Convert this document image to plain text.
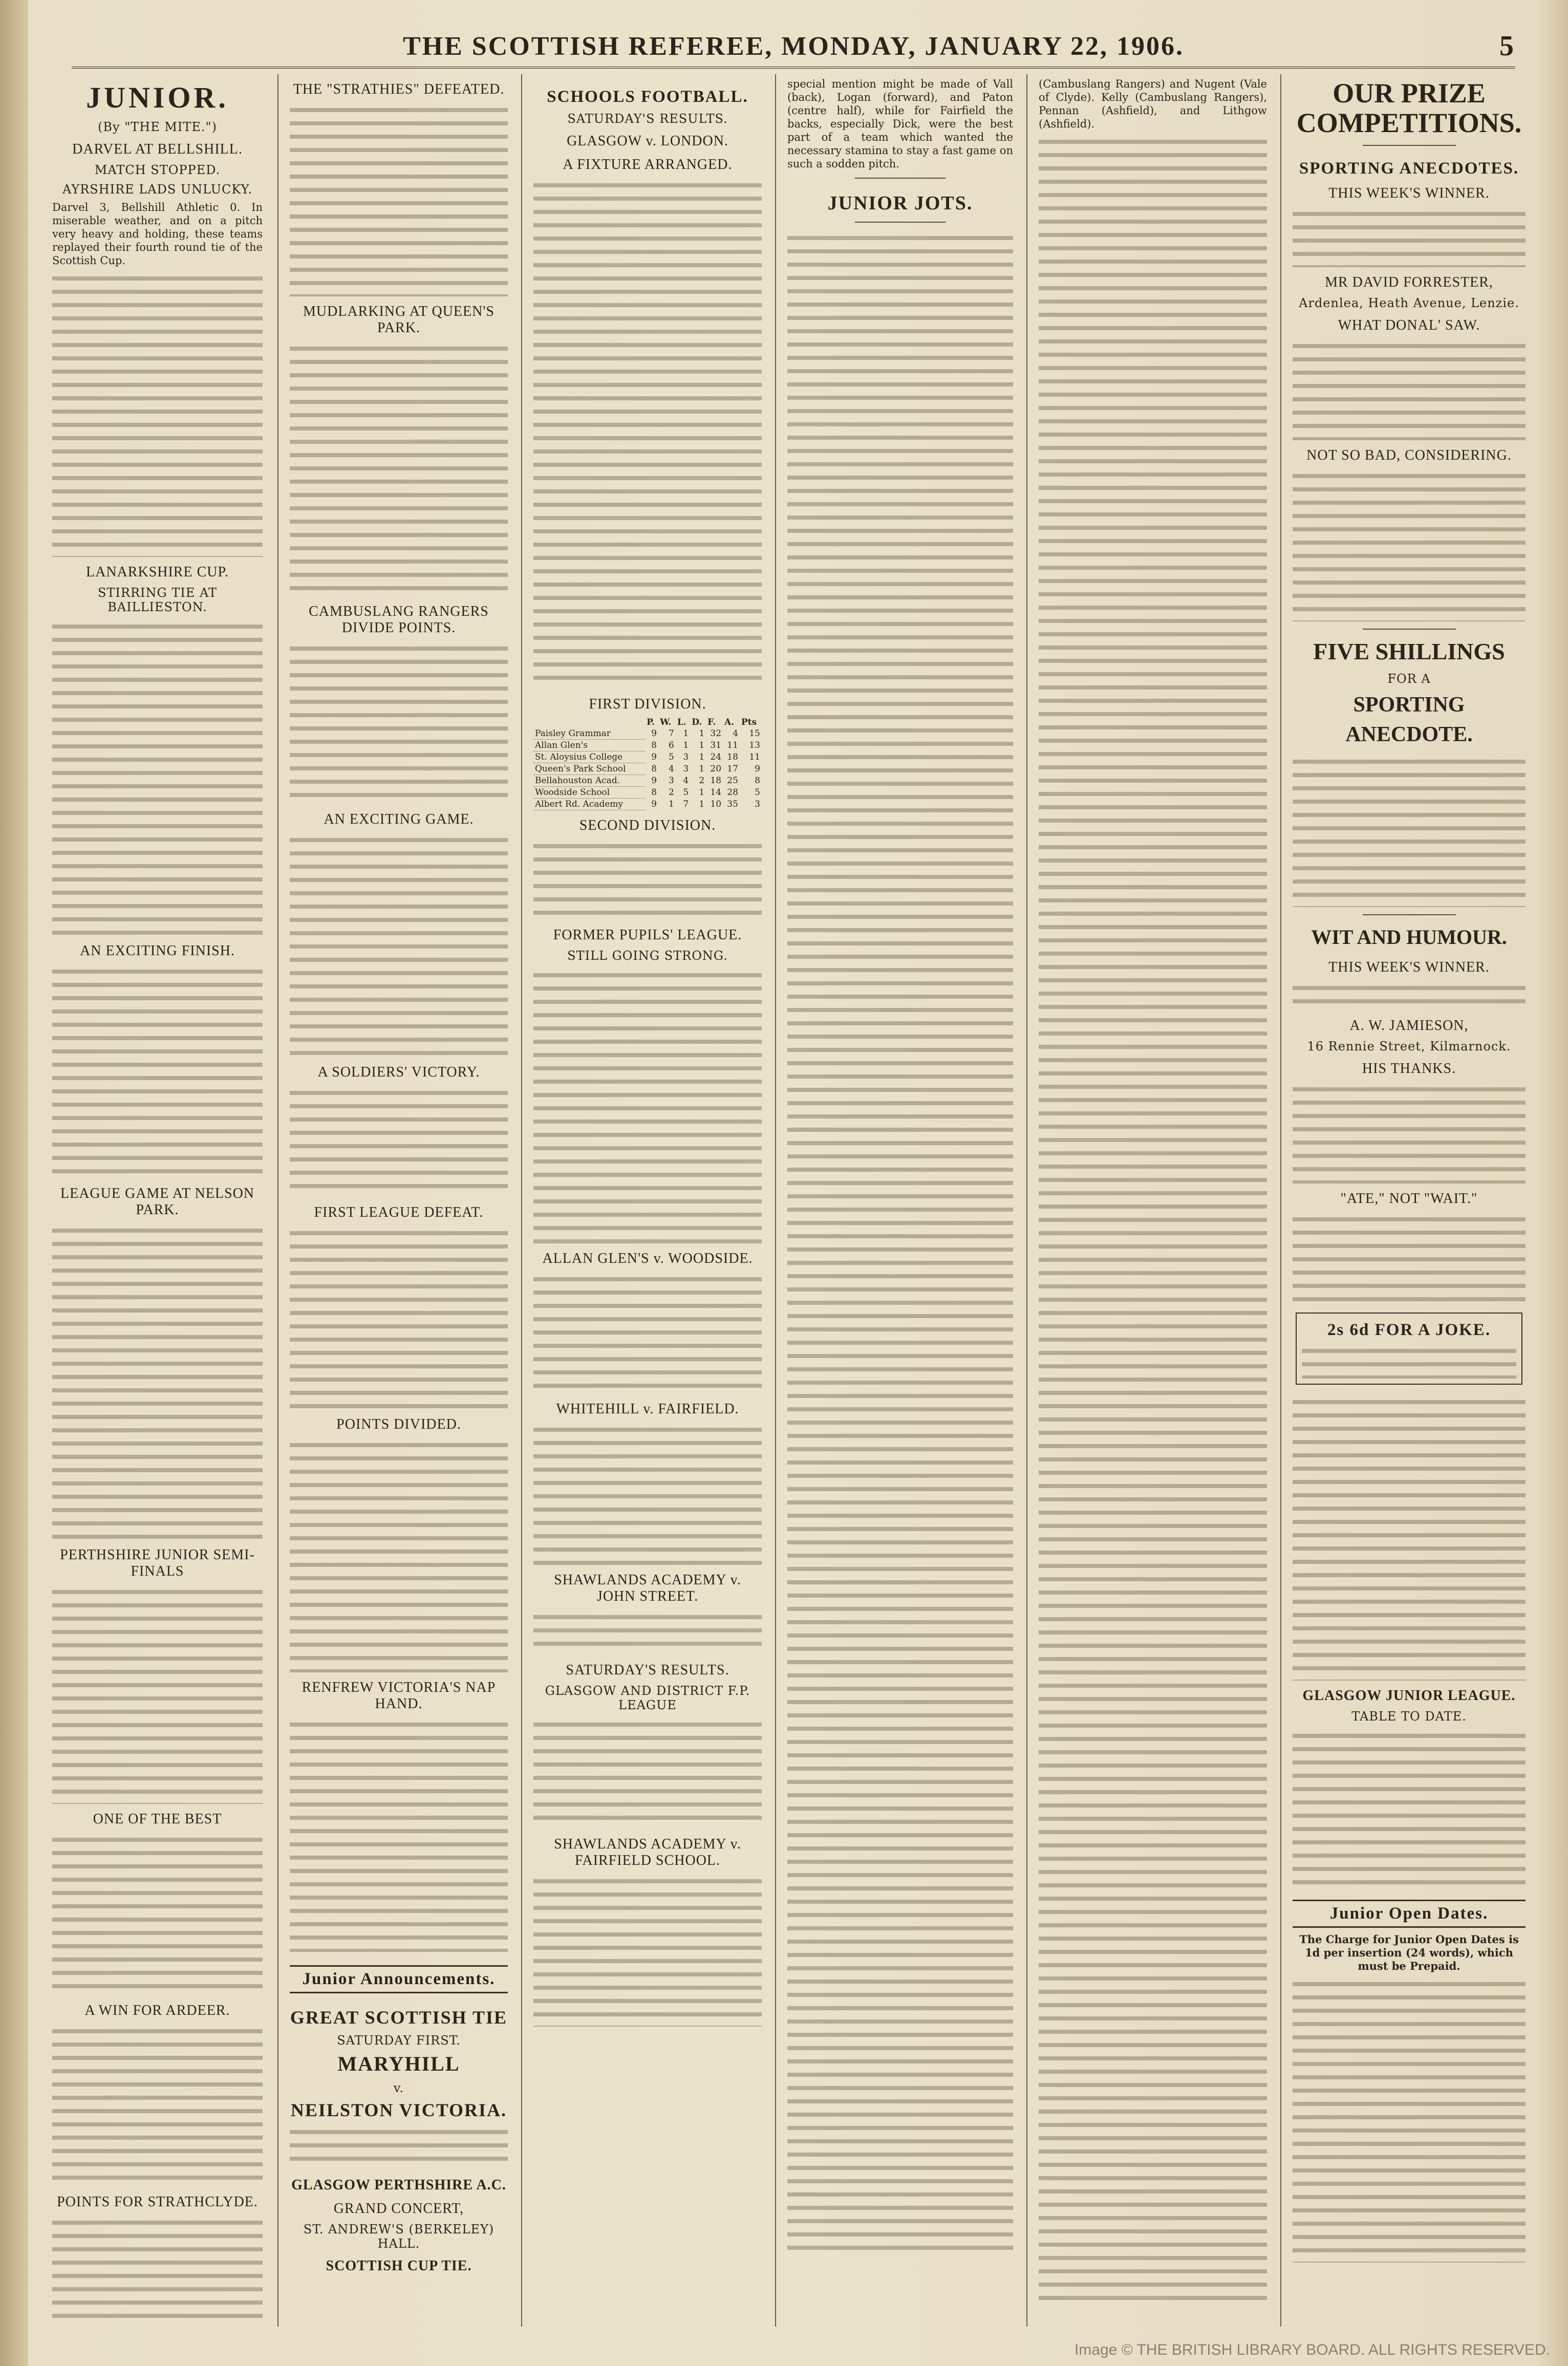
THE SCOTTISH REFEREE, MONDAY, JANUARY 22, 1906.	5
JUNIOR.
(By "THE MITE.")
DARVEL AT BELLSHILL.
MATCH STOPPED.
AYRSHIRE LADS UNLUCKY.
Darvel 3, Bellshill Athletic 0. In miserable weather, and on a pitch very heavy and holding, these teams replayed their fourth round tie of the Scottish Cup.
LANARKSHIRE CUP.
STIRRING TIE AT BAILLIESTON.
AN EXCITING FINISH.
LEAGUE GAME AT NELSON PARK.
PERTHSHIRE JUNIOR SEMI-FINALS
ONE OF THE BEST
A WIN FOR ARDEER.
POINTS FOR STRATHCLYDE.
THE "STRATHIES" DEFEATED.
MUDLARKING AT QUEEN'S PARK.
CAMBUSLANG RANGERS DIVIDE POINTS.
AN EXCITING GAME.
A SOLDIERS' VICTORY.
FIRST LEAGUE DEFEAT.
POINTS DIVIDED.
RENFREW VICTORIA'S NAP HAND.
Junior Announcements.
GREAT SCOTTISH TIE
SATURDAY FIRST.
MARYHILL
v.
NEILSTON VICTORIA.
GLASGOW PERTHSHIRE A.C.
GRAND CONCERT,
ST. ANDREW'S (BERKELEY) HALL.
SCOTTISH CUP TIE.
SCHOOLS FOOTBALL.
SATURDAY'S RESULTS.
GLASGOW v. LONDON.
A FIXTURE ARRANGED.
FIRST DIVISION.
	P.	W.	L.	D.	F.	A.	Pts
Paisley Grammar	9	7	1	1	32	4	15
Allan Glen's	8	6	1	1	31	11	13
St. Aloysius College	9	5	3	1	24	18	11
Queen's Park School	8	4	3	1	20	17	9
Bellahouston Acad.	9	3	4	2	18	25	8
Woodside School	8	2	5	1	14	28	5
Albert Rd. Academy	9	1	7	1	10	35	3
SECOND DIVISION.
FORMER PUPILS' LEAGUE.
STILL GOING STRONG.
ALLAN GLEN'S v. WOODSIDE.
WHITEHILL v. FAIRFIELD.
SHAWLANDS ACADEMY v. JOHN STREET.
SATURDAY'S RESULTS.
GLASGOW AND DISTRICT F.P. LEAGUE
SHAWLANDS ACADEMY v. FAIRFIELD SCHOOL.
special mention might be made of Vall (back), Logan (forward), and Paton (centre half), while for Fairfield the backs, especially Dick, were the best part of a team which wanted the necessary stamina to stay a fast game on such a sodden pitch.
JUNIOR JOTS.
(Cambuslang Rangers) and Nugent (Vale of Clyde). Kelly (Cambuslang Rangers), Pennan (Ashfield), and Lithgow (Ashfield).
OUR PRIZE COMPETITIONS.
SPORTING ANECDOTES.
THIS WEEK'S WINNER.
MR DAVID FORRESTER,
Ardenlea, Heath Avenue, Lenzie.
WHAT DONAL' SAW.
NOT SO BAD, CONSIDERING.
FIVE SHILLINGS
FOR A
SPORTING ANECDOTE.
WIT AND HUMOUR.
THIS WEEK'S WINNER.
A. W. JAMIESON,
16 Rennie Street, Kilmarnock.
HIS THANKS.
"ATE," NOT "WAIT."
2s 6d FOR A JOKE.
GLASGOW JUNIOR LEAGUE.
TABLE TO DATE.
Junior Open Dates.
The Charge for Junior Open Dates is 1d per insertion (24 words), which must be Prepaid.
Image © THE BRITISH LIBRARY BOARD. ALL RIGHTS RESERVED.
